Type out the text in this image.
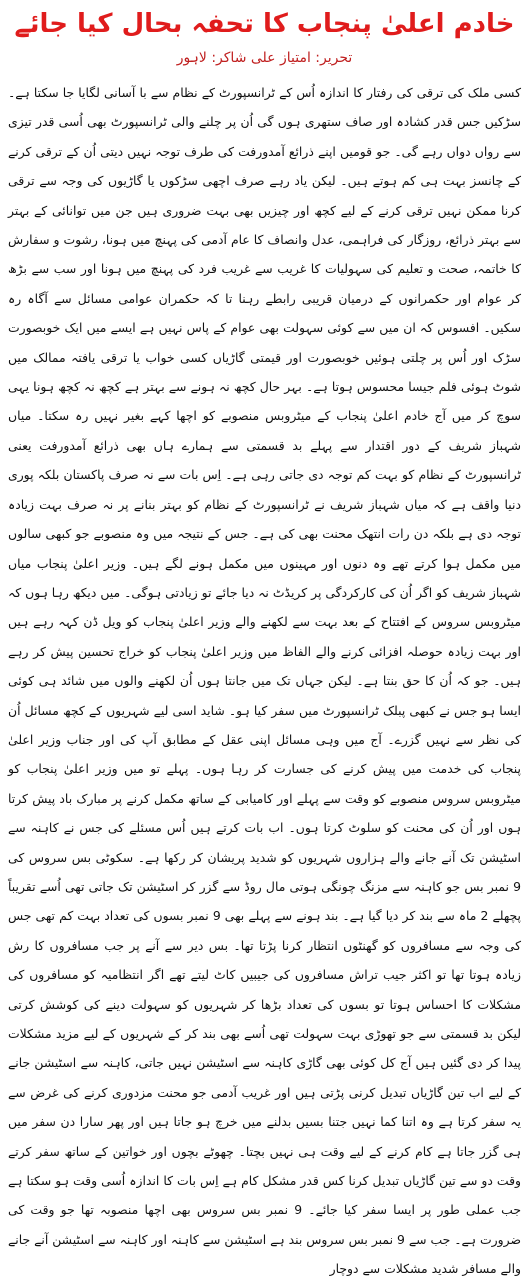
خادم اعلیٰ پنجاب کا تحفہ بحال کیا جائے
تحریر: امتیاز علی شاکر: لاہور

کسی ملک کی ترقی کی رفتار کا اندازہ اُس کے ٹرانسپورٹ کے نظام سے با آسانی لگایا جا سکتا ہے۔ سڑکیں جس قدر کشادہ اور صاف ستھری ہوں گی اُن پر چلنے والی ٹرانسپورٹ بھی اُسی قدر تیزی سے رواں دواں رہے گی۔ جو قومیں اپنے ذرائع آمدورفت کی طرف توجہ نہیں دیتی اُن کے ترقی کرنے کے چانسز بہت ہی کم ہوتے ہیں۔ لیکن یاد رہے صرف اچھی سڑکوں یا گاڑیوں کی وجہ سے ترقی کرنا ممکن نہیں ترقی کرنے کے لیے کچھ اور چیزیں بھی بہت ضروری ہیں جن میں توانائی کے بہتر سے بہتر ذرائع، روزگار کی فراہمی، عدل وانصاف کا عام آدمی کی پہنچ میں ہونا، رشوت و سفارش کا خاتمہ، صحت و تعلیم کی سہولیات کا غریب سے غریب فرد کی پہنچ میں ہونا اور سب سے بڑھ کر عوام اور حکمرانوں کے درمیان قریبی رابطے رہنا تا کہ حکمران عوامی مسائل سے آگاہ رہ سکیں۔ افسوس کہ ان میں سے کوئی سہولت بھی عوام کے پاس نہیں ہے ایسے میں ایک خوبصورت سڑک اور اُس پر چلتی ہوئیں خوبصورت اور قیمتی گاڑیاں کسی خواب یا ترقی یافتہ ممالک میں شوٹ ہوئی فلم جیسا محسوس ہوتا ہے۔ بہر حال کچھ نہ ہونے سے بہتر ہے کچھ نہ کچھ ہونا یہی سوچ کر میں آج خادم اعلیٰ پنجاب کے میٹروبس منصوبے کو اچھا کہے بغیر نہیں رہ سکتا۔ میاں شہباز شریف کے دور اقتدار سے پہلے بد قسمتی سے ہمارے ہاں بھی ذرائع آمدورفت یعنی ٹرانسپورٹ کے نظام کو بہت کم توجہ دی جاتی رہی ہے۔ اِس بات سے نہ صرف پاکستان بلکہ پوری دنیا واقف ہے کہ میاں شہباز شریف نے ٹرانسپورٹ کے نظام کو بہتر بنانے پر نہ صرف بہت زیادہ توجہ دی ہے بلکہ دن رات انتھک محنت بھی کی ہے۔ جس کے نتیجہ میں وہ منصوبے جو کبھی سالوں میں مکمل ہوا کرتے تھے وہ دنوں اور مہینوں میں مکمل ہونے لگے ہیں۔ وزیر اعلیٰ پنجاب میاں شہباز شریف کو اگر اُن کی کارکردگی پر کریڈٹ نہ دیا جائے تو زیادتی ہوگی۔ میں دیکھ رہا ہوں کہ میٹروبس سروس کے افتتاح کے بعد بہت سے لکھنے والے وزیر اعلیٰ پنجاب کو ویل ڈن کہہ رہے ہیں اور بہت زیادہ حوصلہ افزائی کرنے والے الفاظ میں وزیر اعلیٰ پنجاب کو خراج تحسین پیش کر رہے ہیں۔ جو کہ اُن کا حق بنتا ہے۔ لیکن جہاں تک میں جانتا ہوں اُن لکھنے والوں میں شائد ہی کوئی ایسا ہو جس نے کبھی پبلک ٹرانسپورٹ میں سفر کیا ہو۔ شاید اسی لیے شہریوں کے کچھ مسائل اُن کی نظر سے نہیں گزرے۔ آج میں وہی مسائل اپنی عقل کے مطابق آپ کی اور جناب وزیر اعلیٰ پنجاب کی خدمت میں پیش کرنے کی جسارت کر رہا ہوں۔ پہلے تو میں وزیر اعلیٰ پنجاب کو میٹروبس سروس منصوبے کو وقت سے پہلے اور کامیابی کے ساتھ مکمل کرنے پر مبارک باد پیش کرتا ہوں اور اُن کی محنت کو سلوٹ کرتا ہوں۔ اب بات کرتے ہیں اُس مسئلے کی جس نے کاہنہ سے اسٹیشن تک آنے جانے والے ہزاروں شہریوں کو شدید پریشان کر رکھا ہے۔ سکوٹی بس سروس کی 9 نمبر بس جو کاہنہ سے مزنگ چونگی ہوتی مال روڈ سے گزر کر اسٹیشن تک جاتی تھی اُسے تقریباً پچھلے 2 ماہ سے بند کر دیا گیا ہے۔ بند ہونے سے پہلے بھی 9 نمبر بسوں کی تعداد بہت کم تھی جس کی وجہ سے مسافروں کو گھنٹوں انتظار کرنا پڑتا تھا۔ بس دیر سے آنے پر جب مسافروں کا رش زیادہ ہوتا تھا تو اکثر جیب تراش مسافروں کی جیبیں کاٹ لیتے تھے اگر انتظامیہ کو مسافروں کی مشکلات کا احساس ہوتا تو بسوں کی تعداد بڑھا کر شہریوں کو سہولت دینے کی کوشش کرتی لیکن بد قسمتی سے جو تھوڑی بہت سہولت تھی اُسے بھی بند کر کے شہریوں کے لیے مزید مشکلات پیدا کر دی گئیں ہیں آج کل کوئی بھی گاڑی کاہنہ سے اسٹیشن نہیں جاتی، کاہنہ سے اسٹیشن جانے کے لیے اب تین گاڑیاں تبدیل کرنی پڑتی ہیں اور غریب آدمی جو محنت مزدوری کرنے کی غرض سے یہ سفر کرتا ہے وہ اتنا کما نہیں جتنا بسیں بدلنے میں خرچ ہو جاتا ہیں اور پھر سارا دن سفر میں ہی گزر جاتا ہے کام کرنے کے لیے وقت ہی نہیں بچتا۔ چھوٹے بچوں اور خواتین کے ساتھ سفر کرتے وقت دو سے تین گاڑیاں تبدیل کرنا کس قدر مشکل کام ہے اِس بات کا اندازہ اُسی وقت ہو سکتا ہے جب عملی طور پر ایسا سفر کیا جائے۔ 9 نمبر بس سروس بھی اچھا منصوبہ تھا جو وقت کی ضرورت ہے۔ جب سے 9 نمبر بس سروس بند ہے اسٹیشن سے کاہنہ اور کاہنہ سے اسٹیشن آنے جانے والے مسافر شدید مشکلات سے دوچار
